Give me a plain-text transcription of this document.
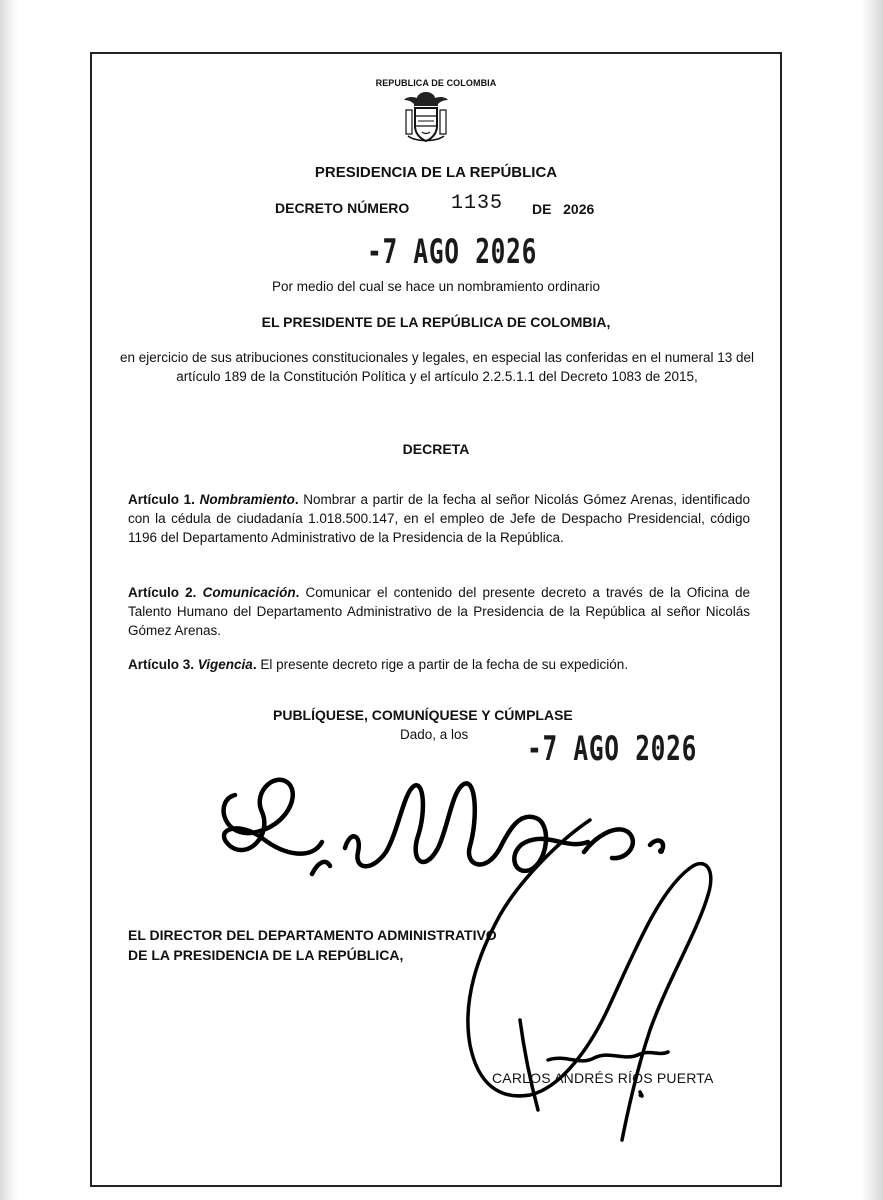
REPUBLICA DE COLOMBIA
PRESIDENCIA DE LA REPÚBLICA
DECRETO NÚMERO 1135 DE 2026
-7 AGO 2026
Por medio del cual se hace un nombramiento ordinario
EL PRESIDENTE DE LA REPÚBLICA DE COLOMBIA,
en ejercicio de sus atribuciones constitucionales y legales, en especial las conferidas en el numeral 13 del artículo 189 de la Constitución Política y el artículo 2.2.5.1.1 del Decreto 1083 de 2015,
DECRETA
Artículo 1. Nombramiento. Nombrar a partir de la fecha al señor Nicolás Gómez Arenas, identificado con la cédula de ciudadanía 1.018.500.147, en el empleo de Jefe de Despacho Presidencial, código 1196 del Departamento Administrativo de la Presidencia de la República.
Artículo 2. Comunicación. Comunicar el contenido del presente decreto a través de la Oficina de Talento Humano del Departamento Administrativo de la Presidencia de la República al señor Nicolás Gómez Arenas.
Artículo 3. Vigencia. El presente decreto rige a partir de la fecha de su expedición.
PUBLÍQUESE, COMUNÍQUESE Y CÚMPLASE
Dado, a los -7 AGO 2026
EL DIRECTOR DEL DEPARTAMENTO ADMINISTRATIVO
DE LA PRESIDENCIA DE LA REPÚBLICA,
CARLOS ANDRÉS RÍOS PUERTA
